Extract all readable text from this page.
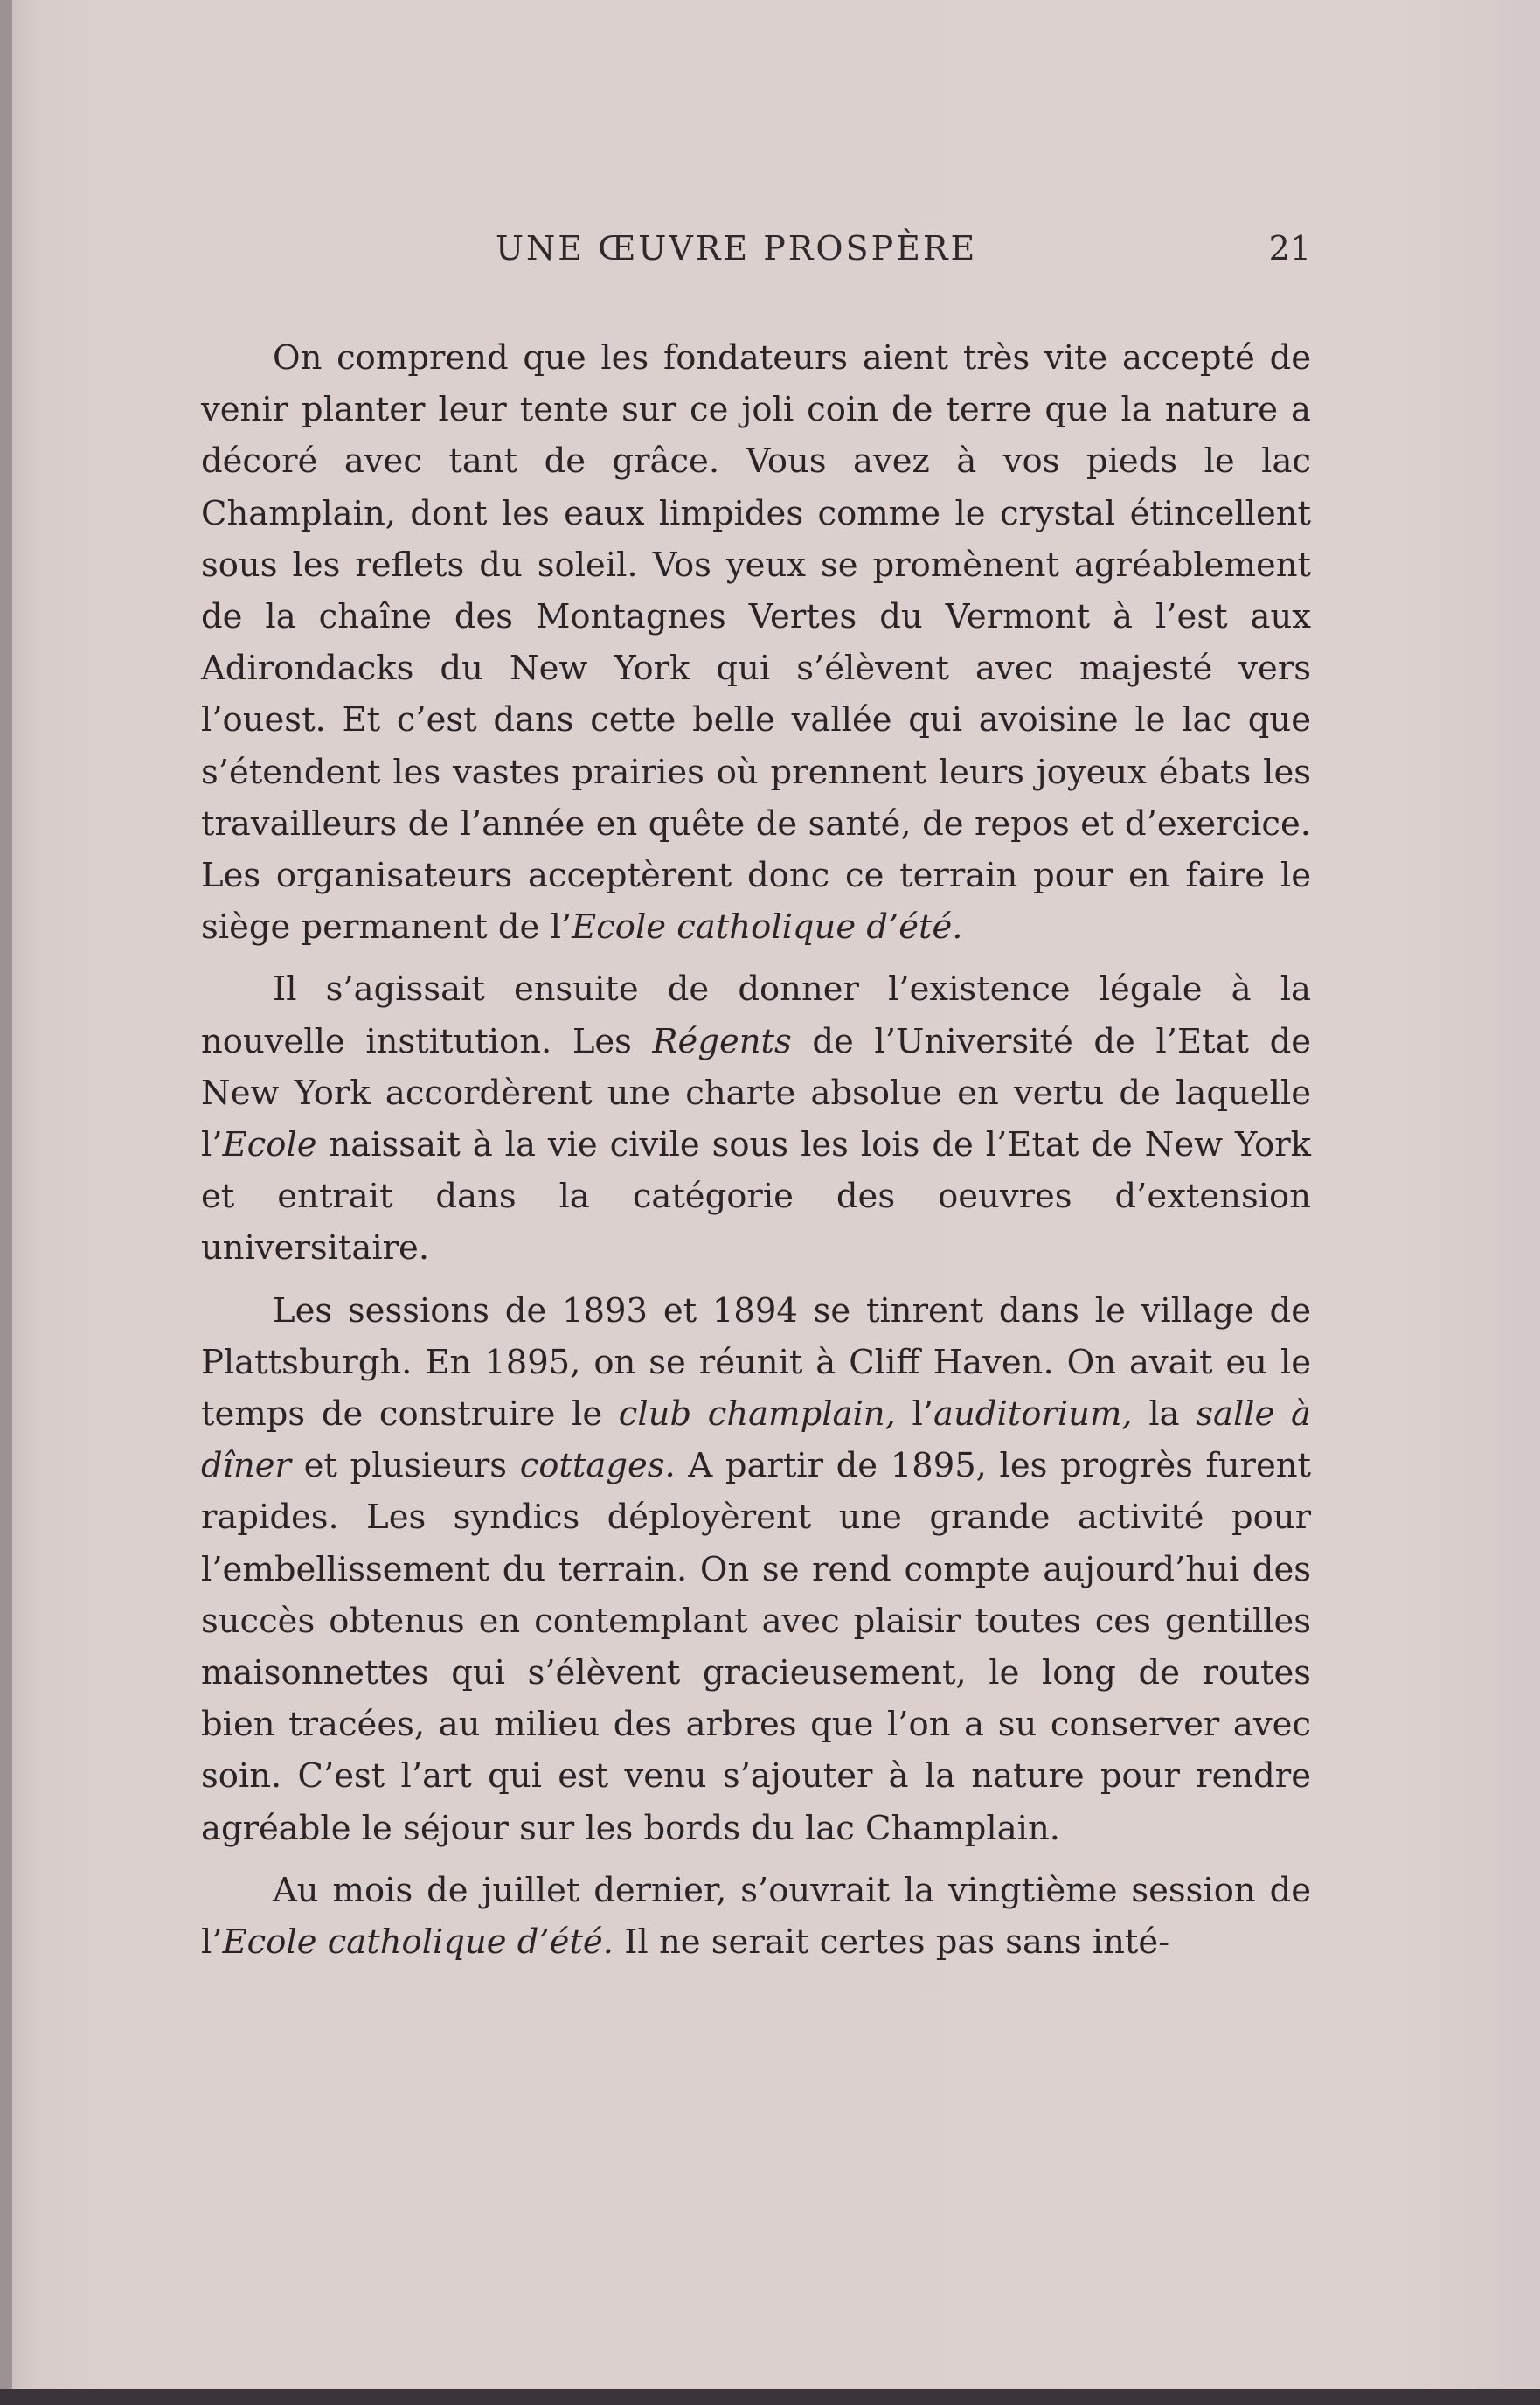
UNE ŒUVRE PROSPÈRE	21

On comprend que les fondateurs aient très vite accepté de venir planter leur tente sur ce joli coin de terre que la nature a décoré avec tant de grâce. Vous avez à vos pieds le lac Champlain, dont les eaux limpides comme le crystal étincellent sous les reflets du soleil. Vos yeux se promènent agréablement de la chaîne des Montagnes Vertes du Vermont à l’est aux Adirondacks du New York qui s’élèvent avec majesté vers l’ouest. Et c’est dans cette belle vallée qui avoisine le lac que s’étendent les vastes prairies où prennent leurs joyeux ébats les travailleurs de l’année en quête de santé, de repos et d’exercice. Les organisateurs acceptèrent donc ce terrain pour en faire le siège permanent de l’Ecole catholique d’été.

Il s’agissait ensuite de donner l’existence légale à la nouvelle institution. Les Régents de l’Université de l’Etat de New York accordèrent une charte absolue en vertu de laquelle l’Ecole naissait à la vie civile sous les lois de l’Etat de New York et entrait dans la catégorie des oeuvres d’extension universitaire.

Les sessions de 1893 et 1894 se tinrent dans le village de Plattsburgh. En 1895, on se réunit à Cliff Haven. On avait eu le temps de construire le club champlain, l’auditorium, la salle à dîner et plusieurs cottages. A partir de 1895, les progrès furent rapides. Les syndics déployèrent une grande activité pour l’embellissement du terrain. On se rend compte aujourd’hui des succès obtenus en contemplant avec plaisir toutes ces gentilles maisonnettes qui s’élèvent gracieusement, le long de routes bien tracées, au milieu des arbres que l’on a su conserver avec soin. C’est l’art qui est venu s’ajouter à la nature pour rendre agréable le séjour sur les bords du lac Champlain.

Au mois de juillet dernier, s’ouvrait la vingtième session de l’Ecole catholique d’été. Il ne serait certes pas sans inté-
